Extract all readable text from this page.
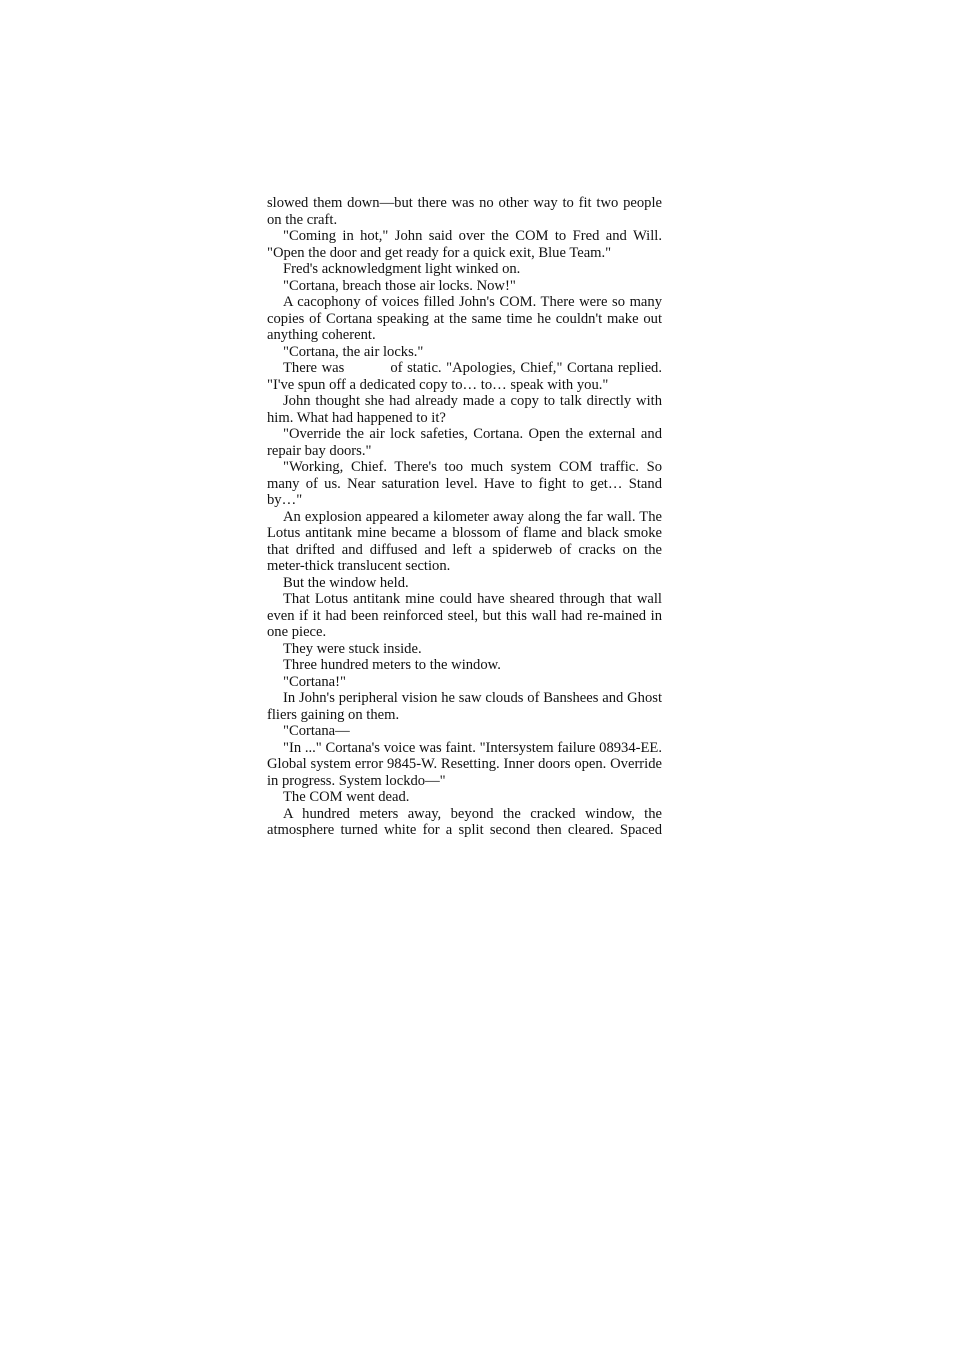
slowed them down—but there was no other way to fit two people on the craft.

"Coming in hot," John said over the COM to Fred and Will. "Open the door and get ready for a quick exit, Blue Team."

Fred's acknowledgment light winked on.

"Cortana, breach those air locks. Now!"

A cacophony of voices filled John's COM. There were so many copies of Cortana speaking at the same time he couldn't make out anything coherent.

"Cortana, the air locks."

There was          of static. "Apologies, Chief," Cortana replied. "I've spun off a dedicated copy to… to… speak with you."

John thought she had already made a copy to talk directly with him. What had happened to it?

"Override the air lock safeties, Cortana. Open the external and repair bay doors."

"Working, Chief. There's too much system COM traffic. So many of us. Near saturation level. Have to fight to get… Stand by…"

An explosion appeared a kilometer away along the far wall. The Lotus antitank mine became a blossom of flame and black smoke that drifted and diffused and left a spiderweb of cracks on the meter-thick translucent section.

But the window held.

That Lotus antitank mine could have sheared through that wall even if it had been reinforced steel, but this wall had re-mained in one piece.

They were stuck inside.

Three hundred meters to the window.

"Cortana!"

In John's peripheral vision he saw clouds of Banshees and Ghost fliers gaining on them.

"Cortana—

"In ..." Cortana's voice was faint. "Intersystem failure 08934-EE. Global system error 9845-W. Resetting. Inner doors open. Override in progress. System lockdo—"

The COM went dead.

A hundred meters away, beyond the cracked window, the atmosphere turned white for a split second then cleared. Spaced
